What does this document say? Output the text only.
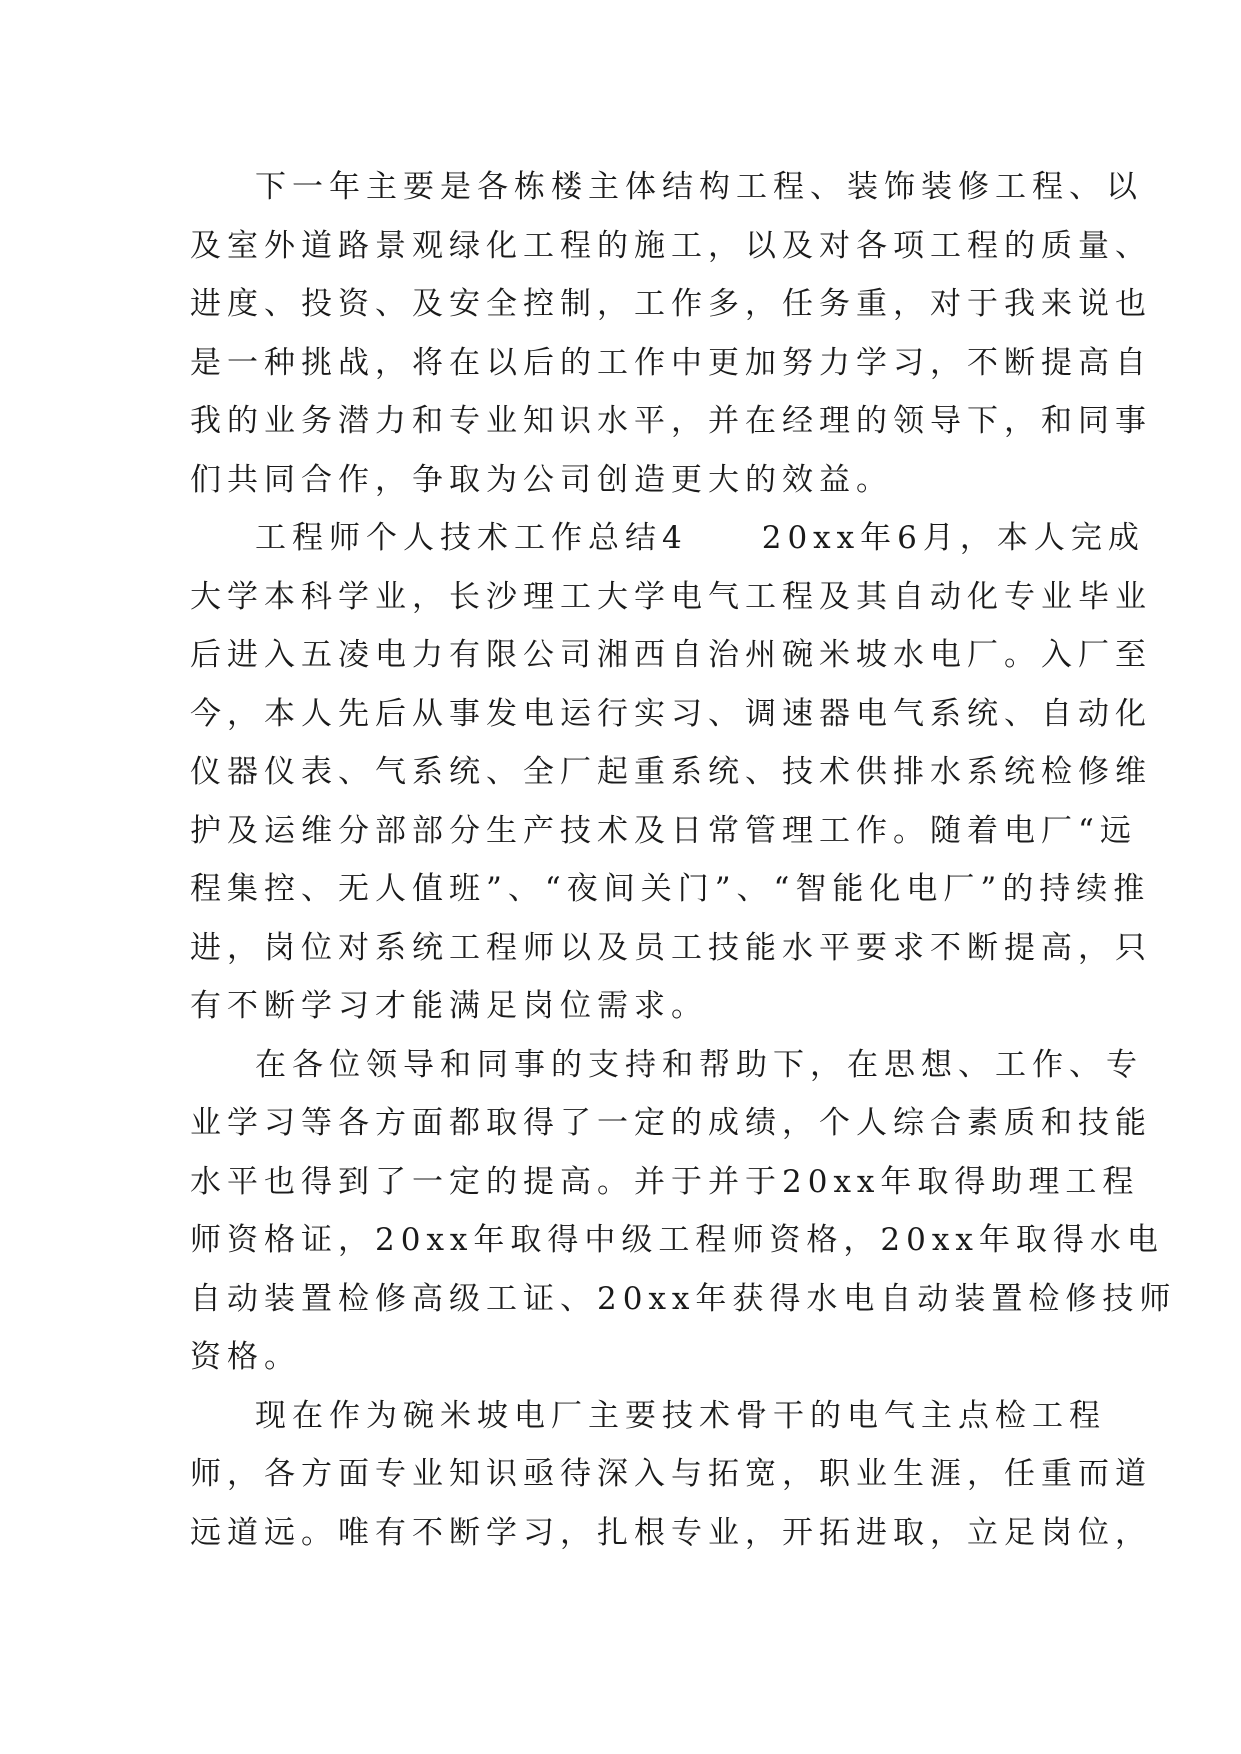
下一年主要是各栋楼主体结构工程、装饰装修工程、以
及室外道路景观绿化工程的施工，以及对各项工程的质量、
进度、投资、及安全控制，工作多，任务重，对于我来说也
是一种挑战，将在以后的工作中更加努力学习，不断提高自
我的业务潜力和专业知识水平，并在经理的领导下，和同事
们共同合作，争取为公司创造更大的效益。
工程师个人技术工作总结4　　20xx年6月，本人完成
大学本科学业，长沙理工大学电气工程及其自动化专业毕业
后进入五凌电力有限公司湘西自治州碗米坡水电厂。入厂至
今，本人先后从事发电运行实习、调速器电气系统、自动化
仪器仪表、气系统、全厂起重系统、技术供排水系统检修维
护及运维分部部分生产技术及日常管理工作。随着电厂“远
程集控、无人值班”、“夜间关门”、“智能化电厂”的持续推
进，岗位对系统工程师以及员工技能水平要求不断提高，只
有不断学习才能满足岗位需求。
在各位领导和同事的支持和帮助下，在思想、工作、专
业学习等各方面都取得了一定的成绩，个人综合素质和技能
水平也得到了一定的提高。并于并于20xx年取得助理工程
师资格证，20xx年取得中级工程师资格，20xx年取得水电
自动装置检修高级工证、20xx年获得水电自动装置检修技师
资格。
现在作为碗米坡电厂主要技术骨干的电气主点检工程
师，各方面专业知识亟待深入与拓宽，职业生涯，任重而道
远道远。唯有不断学习，扎根专业，开拓进取，立足岗位，
